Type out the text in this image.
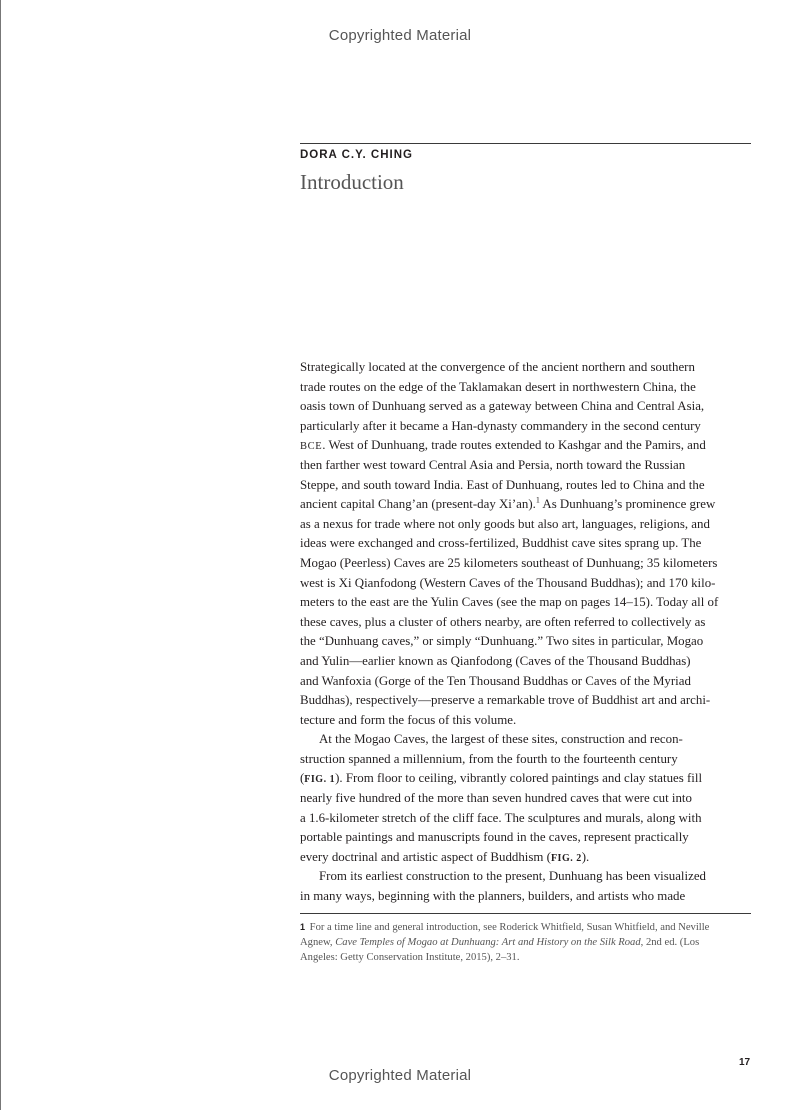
Copyrighted Material
DORA C.Y. CHING
Introduction
Strategically located at the convergence of the ancient northern and southern
trade routes on the edge of the Taklamakan desert in northwestern China, the
oasis town of Dunhuang served as a gateway between China and Central Asia,
particularly after it became a Han-dynasty commandery in the second century
BCE. West of Dunhuang, trade routes extended to Kashgar and the Pamirs, and
then farther west toward Central Asia and Persia, north toward the Russian
Steppe, and south toward India. East of Dunhuang, routes led to China and the
ancient capital Chang’an (present-day Xi’an).$^1$ As Dunhuang’s prominence grew
as a nexus for trade where not only goods but also art, languages, religions, and
ideas were exchanged and cross-fertilized, Buddhist cave sites sprang up. The
Mogao (Peerless) Caves are 25 kilometers southeast of Dunhuang; 35 kilometers
west is Xi Qianfodong (Western Caves of the Thousand Buddhas); and 170 kilo-
meters to the east are the Yulin Caves (see the map on pages 14–15). Today all of
these caves, plus a cluster of others nearby, are often referred to collectively as
the “Dunhuang caves,” or simply “Dunhuang.” Two sites in particular, Mogao
and Yulin—earlier known as Qianfodong (Caves of the Thousand Buddhas)
and Wanfoxia (Gorge of the Ten Thousand Buddhas or Caves of the Myriad
Buddhas), respectively—preserve a remarkable trove of Buddhist art and archi-
tecture and form the focus of this volume.
At the Mogao Caves, the largest of these sites, construction and recon-
struction spanned a millennium, from the fourth to the fourteenth century
(FIG. 1). From floor to ceiling, vibrantly colored paintings and clay statues fill
nearly five hundred of the more than seven hundred caves that were cut into
a 1.6-kilometer stretch of the cliff face. The sculptures and murals, along with
portable paintings and manuscripts found in the caves, represent practically
every doctrinal and artistic aspect of Buddhism (FIG. 2).
From its earliest construction to the present, Dunhuang has been visualized
in many ways, beginning with the planners, builders, and artists who made
1 For a time line and general introduction, see Roderick Whitfield, Susan Whitfield, and Neville
Agnew, Cave Temples of Mogao at Dunhuang: Art and History on the Silk Road, 2nd ed. (Los
Angeles: Getty Conservation Institute, 2015), 2–31.
17
Copyrighted Material
